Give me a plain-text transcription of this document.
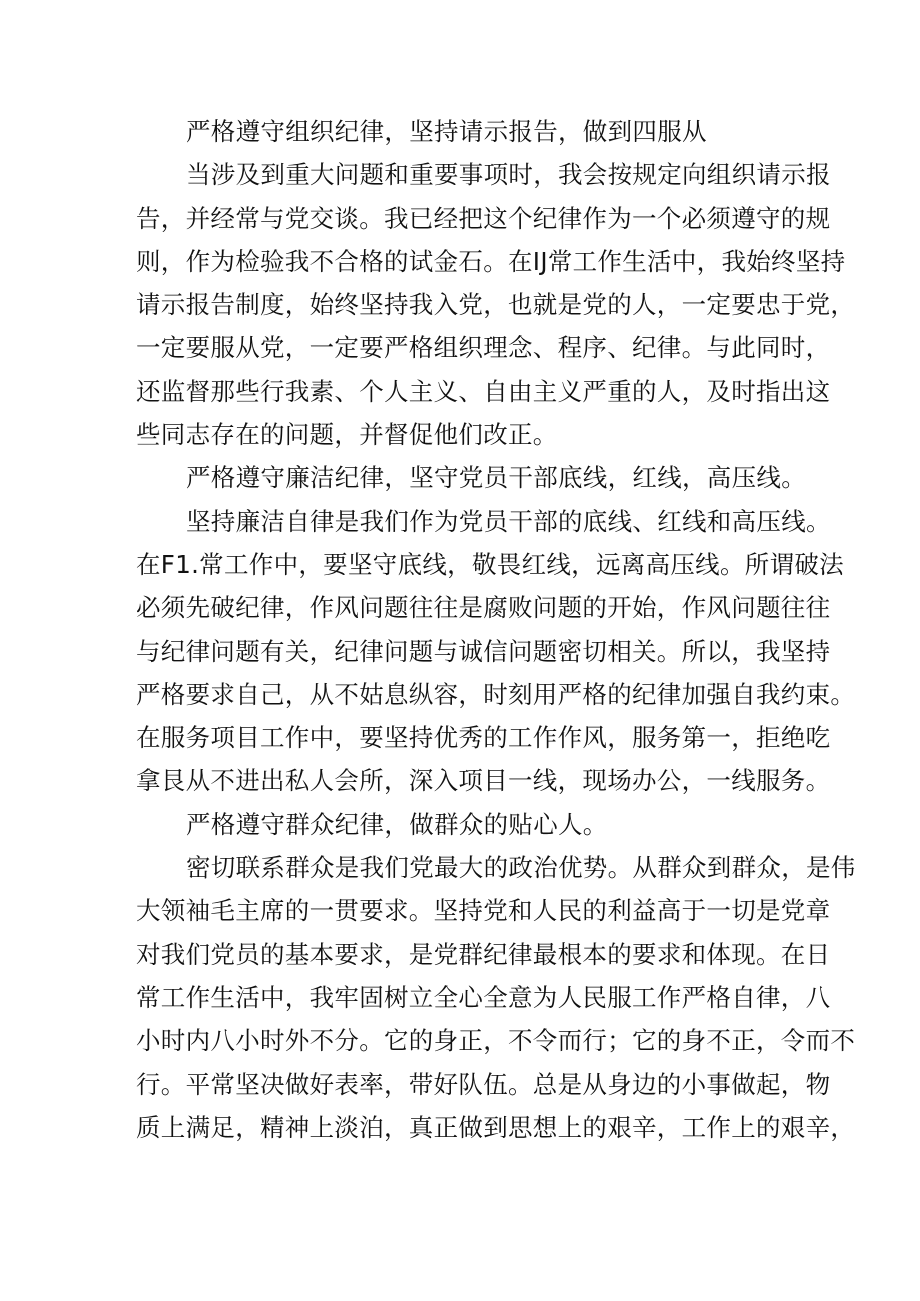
严格遵守组织纪律，坚持请示报告，做到四服从
当涉及到重大问题和重要事项时，我会按规定向组织请示报
告，并经常与党交谈。我已经把这个纪律作为一个必须遵守的规
则，作为检验我不合格的试金石。在IJ常工作生活中，我始终坚持
请示报告制度，始终坚持我入党，也就是党的人，一定要忠于党，
一定要服从党，一定要严格组织理念、程序、纪律。与此同时，
还监督那些行我素、个人主义、自由主义严重的人，及时指出这
些同志存在的问题，并督促他们改正。
严格遵守廉洁纪律，坚守党员干部底线，红线，高压线。
坚持廉洁自律是我们作为党员干部的底线、红线和高压线。
在F1.常工作中，要坚守底线，敬畏红线，远离高压线。所谓破法
必须先破纪律，作风问题往往是腐败问题的开始，作风问题往往
与纪律问题有关，纪律问题与诚信问题密切相关。所以，我坚持
严格要求自己，从不姑息纵容，时刻用严格的纪律加强自我约束。
在服务项目工作中，要坚持优秀的工作作风，服务第一，拒绝吃
拿艮从不进出私人会所，深入项目一线，现场办公，一线服务。
严格遵守群众纪律，做群众的贴心人。
密切联系群众是我们党最大的政治优势。从群众到群众，是伟
大领袖毛主席的一贯要求。坚持党和人民的利益高于一切是党章
对我们党员的基本要求，是党群纪律最根本的要求和体现。在日
常工作生活中，我牢固树立全心全意为人民服工作严格自律，八
小时内八小时外不分。它的身正，不令而行；它的身不正，令而不
行。平常坚决做好表率，带好队伍。总是从身边的小事做起，物
质上满足，精神上淡泊，真正做到思想上的艰辛，工作上的艰辛，
